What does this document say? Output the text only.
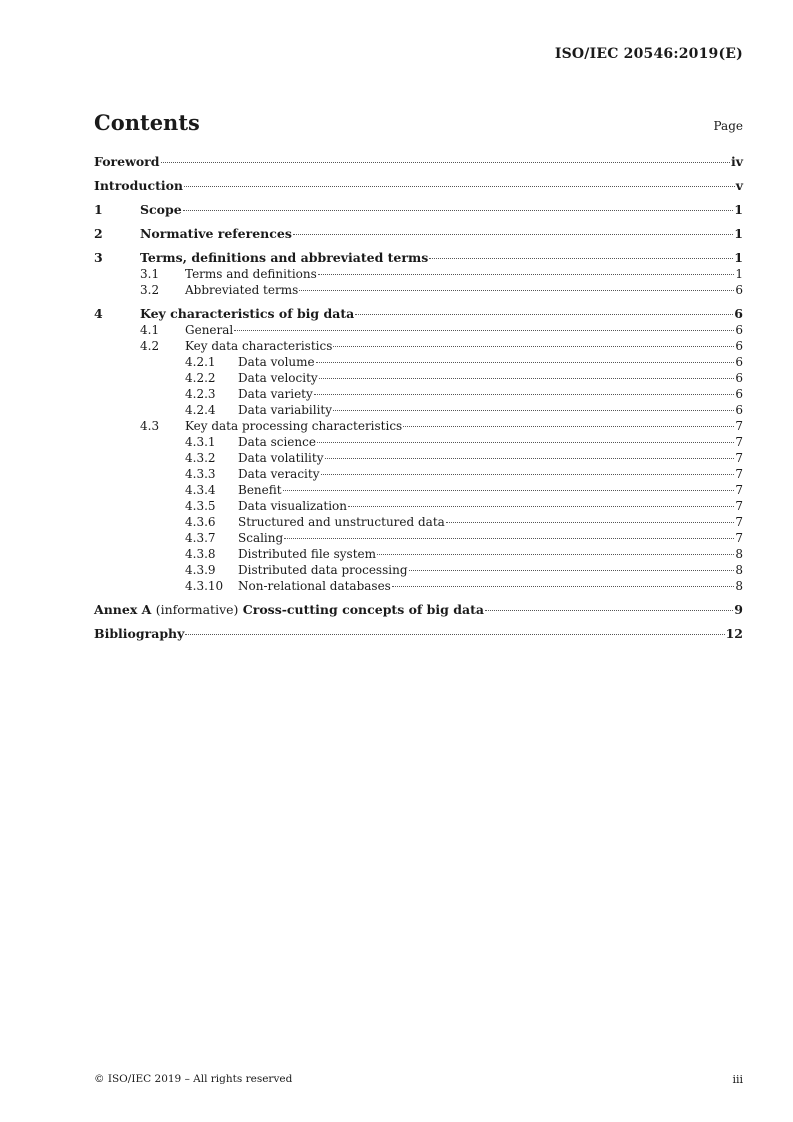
ISO/IEC 20546:2019(E)
Contents	Page
Foreword	iv
Introduction	v
1	Scope	1
2	Normative references	1
3	Terms, definitions and abbreviated terms	1
3.1	Terms and definitions	1
3.2	Abbreviated terms	6
4	Key characteristics of big data	6
4.1	General	6
4.2	Key data characteristics	6
4.2.1	Data volume	6
4.2.2	Data velocity	6
4.2.3	Data variety	6
4.2.4	Data variability	6
4.3	Key data processing characteristics	7
4.3.1	Data science	7
4.3.2	Data volatility	7
4.3.3	Data veracity	7
4.3.4	Benefit	7
4.3.5	Data visualization	7
4.3.6	Structured and unstructured data	7
4.3.7	Scaling	7
4.3.8	Distributed file system	8
4.3.9	Distributed data processing	8
4.3.10	Non-relational databases	8
Annex A (informative) Cross-cutting concepts of big data	9
Bibliography	12
© ISO/IEC 2019 – All rights reserved	iii
